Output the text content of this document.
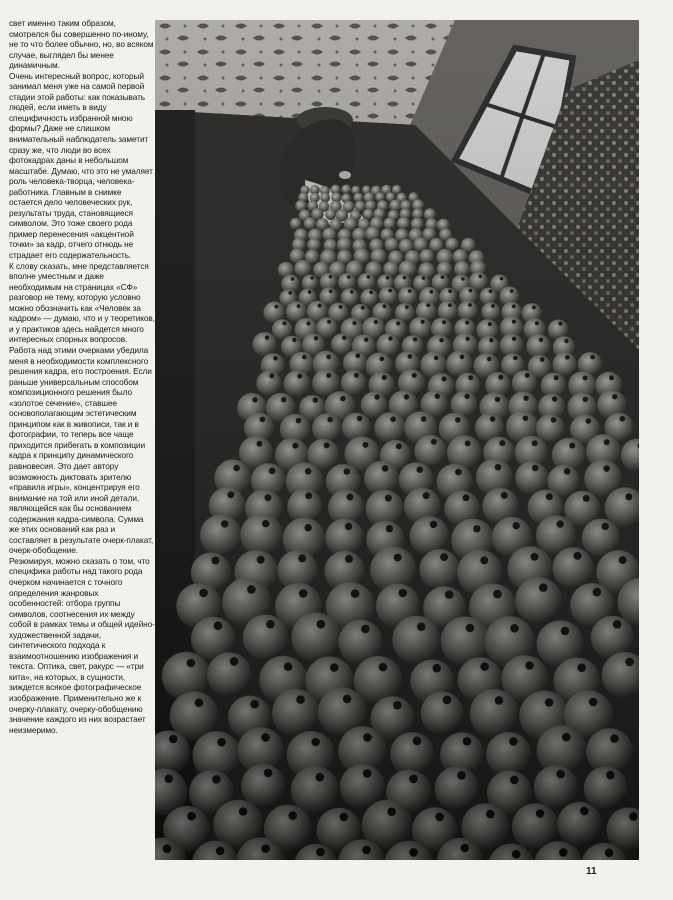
свет именно таким образом, смотрелся бы совершенно по-иному, не то что более обычно, но, во всяком случае, выглядел бы менее динамичным.

Очень интересный вопрос, который занимал меня уже на самой первой стадии этой работы: как показывать людей, если иметь в виду специфичность избранной мною формы? Даже не слишком внимательный наблюдатель заметит сразу же, что люди во всех фотокадрах даны в небольшом масштабе. Думаю, что это не умаляет роль человека-творца, человека-работника. Главным в снимке остается дело человеческих рук, результаты труда, становящиеся символом. Это тоже своего рода пример перенесения «акцентной точки» за кадр, отчего отнюдь не страдает его содержательность.

К слову сказать, мне представляется вполне уместным и даже необходимым на страницах «СФ» разговор не тему, которую условно можно обозначить как «Человек за кадром» — думаю, что и у теоретиков, и у практиков здесь найдется много интересных спорных вопросов.

Работа над этими очерками убедила меня в необходимости комплексного решения кадра, его построения. Если раньше универсальным способом композиционного решения было «золотое сечение», ставшее основополагающим эстетическим принципом как в живописи, так и в фотографии, то теперь все чаще приходится прибегать в композиции кадра к принципу динамического равновесия. Это дает автору возможность диктовать зрителю «правила игры», концентрируя его внимание на той или иной детали, являющейся как бы основанием содержания кадра-символа. Сумма же этих оснований как раз и составляет в результате очерк-плакат, очерк-обобщение.

Резюмируя, можно сказать о том, что специфика работы над такого рода очерком начинается с точного определения жанровых особенностей: отбора группы символов, соотнесения их между собой в рамках темы и общей идейно-художественной задачи, синтетического подхода к взаимоотношению изображения и текста. Оптика, свет, ракурс — «три кита», на которых, в сущности, зиждется всякое фотографическое изображение. Применительно же к очерку-плакату, очерку-обобщению значение каждого из них возрастает неизмеримо.

11
